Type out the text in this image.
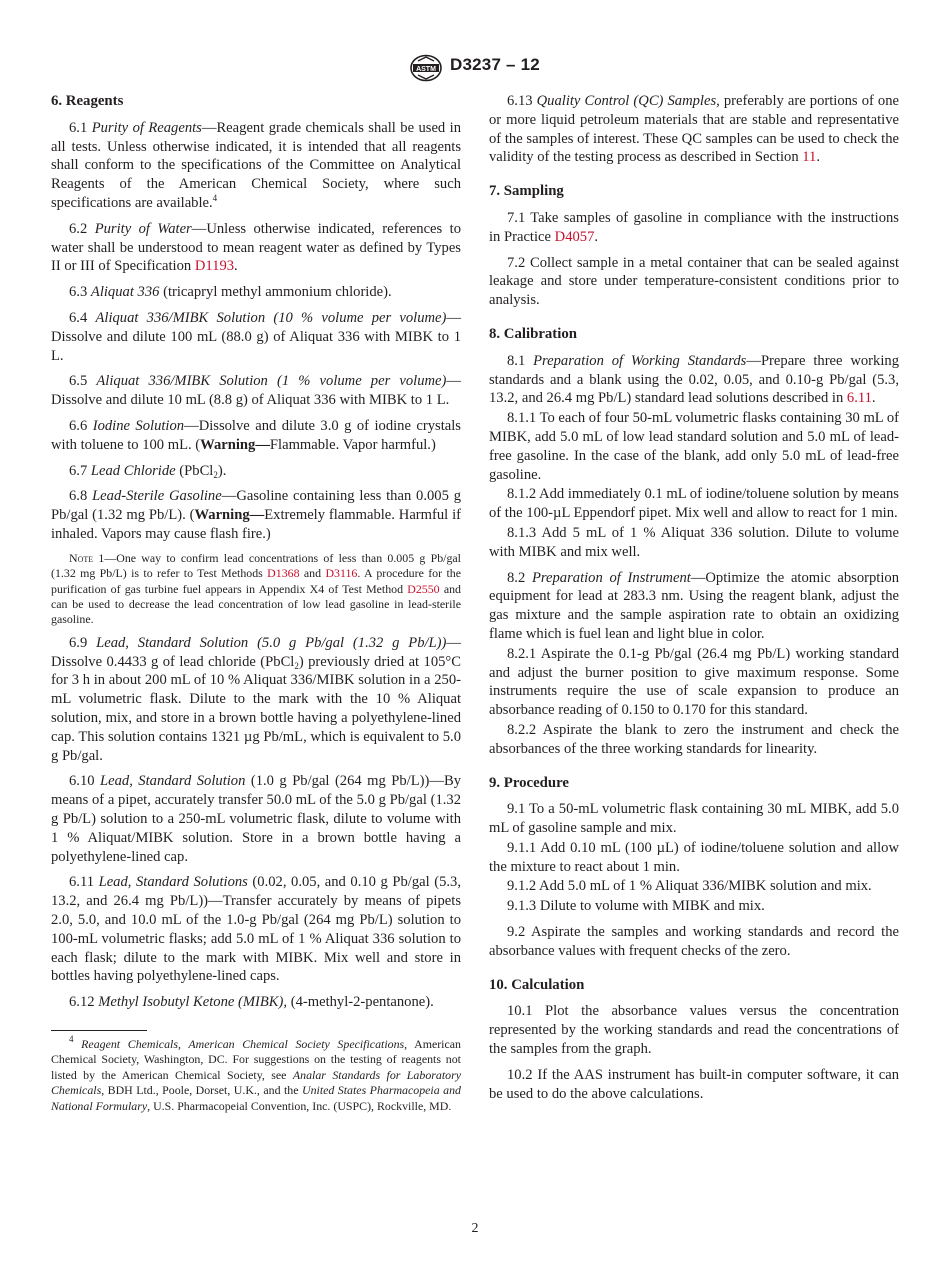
ASTM D3237 – 12
6. Reagents
6.1 Purity of Reagents—Reagent grade chemicals shall be used in all tests. Unless otherwise indicated, it is intended that all reagents shall conform to the specifications of the Committee on Analytical Reagents of the American Chemical Society, where such specifications are available.$^4$
6.2 Purity of Water—Unless otherwise indicated, references to water shall be understood to mean reagent water as defined by Types II or III of Specification D1193.
6.3 Aliquat 336 (tricapryl methyl ammonium chloride).
6.4 Aliquat 336/MIBK Solution (10 % volume per volume)—Dissolve and dilute 100 mL (88.0 g) of Aliquat 336 with MIBK to 1 L.
6.5 Aliquat 336/MIBK Solution (1 % volume per volume)—Dissolve and dilute 10 mL (8.8 g) of Aliquat 336 with MIBK to 1 L.
6.6 Iodine Solution—Dissolve and dilute 3.0 g of iodine crystals with toluene to 100 mL. (Warning—Flammable. Vapor harmful.)
6.7 Lead Chloride (PbCl$_2$).
6.8 Lead-Sterile Gasoline—Gasoline containing less than 0.005 g Pb/gal (1.32 mg Pb/L). (Warning—Extremely flammable. Harmful if inhaled. Vapors may cause flash fire.)
Note 1—One way to confirm lead concentrations of less than 0.005 g Pb/gal (1.32 mg Pb/L) is to refer to Test Methods D1368 and D3116. A procedure for the purification of gas turbine fuel appears in Appendix X4 of Test Method D2550 and can be used to decrease the lead concentration of low lead gasoline in lead-sterile gasoline.
6.9 Lead, Standard Solution (5.0 g Pb/gal (1.32 g Pb/L))—Dissolve 0.4433 g of lead chloride (PbCl$_2$) previously dried at 105°C for 3 h in about 200 mL of 10 % Aliquat 336/MIBK solution in a 250-mL volumetric flask. Dilute to the mark with the 10 % Aliquat solution, mix, and store in a brown bottle having a polyethylene-lined cap. This solution contains 1321 µg Pb/mL, which is equivalent to 5.0 g Pb/gal.
6.10 Lead, Standard Solution (1.0 g Pb/gal (264 mg Pb/L))—By means of a pipet, accurately transfer 50.0 mL of the 5.0 g Pb/gal (1.32 g Pb/L) solution to a 250-mL volumetric flask, dilute to volume with 1 % Aliquat/MIBK solution. Store in a brown bottle having a polyethylene-lined cap.
6.11 Lead, Standard Solutions (0.02, 0.05, and 0.10 g Pb/gal (5.3, 13.2, and 26.4 mg Pb/L))—Transfer accurately by means of pipets 2.0, 5.0, and 10.0 mL of the 1.0-g Pb/gal (264 mg Pb/L) solution to 100-mL volumetric flasks; add 5.0 mL of 1 % Aliquat 336 solution to each flask; dilute to the mark with MIBK. Mix well and store in bottles having polyethylene-lined caps.
6.12 Methyl Isobutyl Ketone (MIBK), (4-methyl-2-pentanone).
$^4$ Reagent Chemicals, American Chemical Society Specifications, American Chemical Society, Washington, DC. For suggestions on the testing of reagents not listed by the American Chemical Society, see Analar Standards for Laboratory Chemicals, BDH Ltd., Poole, Dorset, U.K., and the United States Pharmacopeia and National Formulary, U.S. Pharmacopeial Convention, Inc. (USPC), Rockville, MD.
6.13 Quality Control (QC) Samples, preferably are portions of one or more liquid petroleum materials that are stable and representative of the samples of interest. These QC samples can be used to check the validity of the testing process as described in Section 11.
7. Sampling
7.1 Take samples of gasoline in compliance with the instructions in Practice D4057.
7.2 Collect sample in a metal container that can be sealed against leakage and store under temperature-consistent conditions prior to analysis.
8. Calibration
8.1 Preparation of Working Standards—Prepare three working standards and a blank using the 0.02, 0.05, and 0.10-g Pb/gal (5.3, 13.2, and 26.4 mg Pb/L) standard lead solutions described in 6.11.
8.1.1 To each of four 50-mL volumetric flasks containing 30 mL of MIBK, add 5.0 mL of low lead standard solution and 5.0 mL of lead-free gasoline. In the case of the blank, add only 5.0 mL of lead-free gasoline.
8.1.2 Add immediately 0.1 mL of iodine/toluene solution by means of the 100-µL Eppendorf pipet. Mix well and allow to react for 1 min.
8.1.3 Add 5 mL of 1 % Aliquat 336 solution. Dilute to volume with MIBK and mix well.
8.2 Preparation of Instrument—Optimize the atomic absorption equipment for lead at 283.3 nm. Using the reagent blank, adjust the gas mixture and the sample aspiration rate to obtain an oxidizing flame which is fuel lean and light blue in color.
8.2.1 Aspirate the 0.1-g Pb/gal (26.4 mg Pb/L) working standard and adjust the burner position to give maximum response. Some instruments require the use of scale expansion to produce an absorbance reading of 0.150 to 0.170 for this standard.
8.2.2 Aspirate the blank to zero the instrument and check the absorbances of the three working standards for linearity.
9. Procedure
9.1 To a 50-mL volumetric flask containing 30 mL MIBK, add 5.0 mL of gasoline sample and mix.
9.1.1 Add 0.10 mL (100 µL) of iodine/toluene solution and allow the mixture to react about 1 min.
9.1.2 Add 5.0 mL of 1 % Aliquat 336/MIBK solution and mix.
9.1.3 Dilute to volume with MIBK and mix.
9.2 Aspirate the samples and working standards and record the absorbance values with frequent checks of the zero.
10. Calculation
10.1 Plot the absorbance values versus the concentration represented by the working standards and read the concentrations of the samples from the graph.
10.2 If the AAS instrument has built-in computer software, it can be used to do the above calculations.
2
